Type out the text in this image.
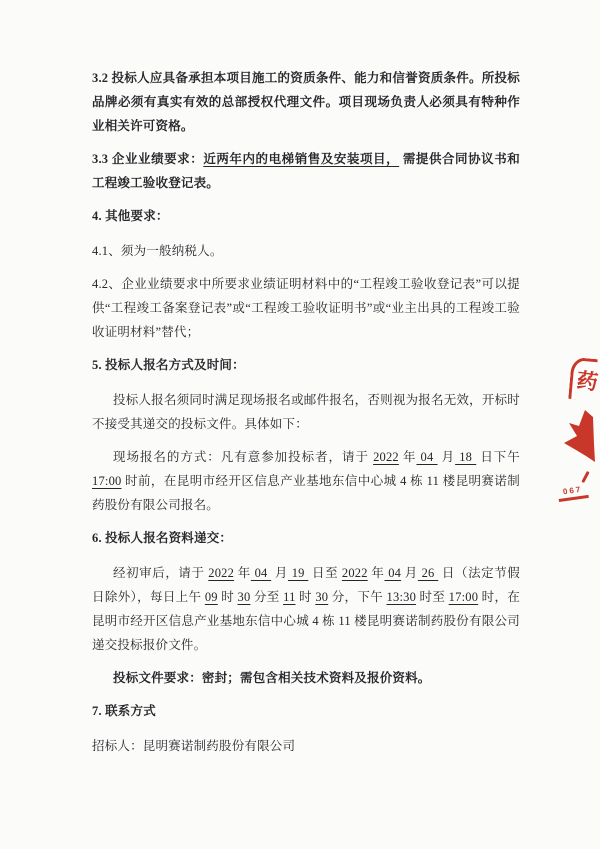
3.2 投标人应具备承担本项目施工的资质条件、能力和信誉资质条件。所投标品牌必须有真实有效的总部授权代理文件。项目现场负责人必须具有特种作业相关许可资格。

3.3 企业业绩要求：近两年内的电梯销售及安装项目， 需提供合同协议书和工程竣工验收登记表。

4. 其他要求：

4.1、须为一般纳税人。

4.2、企业业绩要求中所要求业绩证明材料中的“工程竣工验收登记表”可以提供“工程竣工备案登记表”或“工程竣工验收证明书”或“业主出具的工程竣工验收证明材料”替代；

5. 投标人报名方式及时间：

投标人报名须同时满足现场报名或邮件报名，否则视为报名无效，开标时不接受其递交的投标文件。具体如下：

现场报名的方式：凡有意参加投标者，请于 2022 年 04  月 18  日下午 17:00 时前，在昆明市经开区信息产业基地东信中心城 4 栋 11 楼昆明赛诺制药股份有限公司报名。

6. 投标人报名资料递交：

经初审后，请于 2022 年 04  月 19  日至 2022 年 04 月 26  日（法定节假日除外），每日上午 09 时 30 分至 11 时 30 分，下午 13:30 时至 17:00 时，在昆明市经开区信息产业基地东信中心城 4 栋 11 楼昆明赛诺制药股份有限公司递交投标报价文件。

投标文件要求：密封；需包含相关技术资料及报价资料。

7. 联系方式

招标人：昆明赛诺制药股份有限公司

药
067
